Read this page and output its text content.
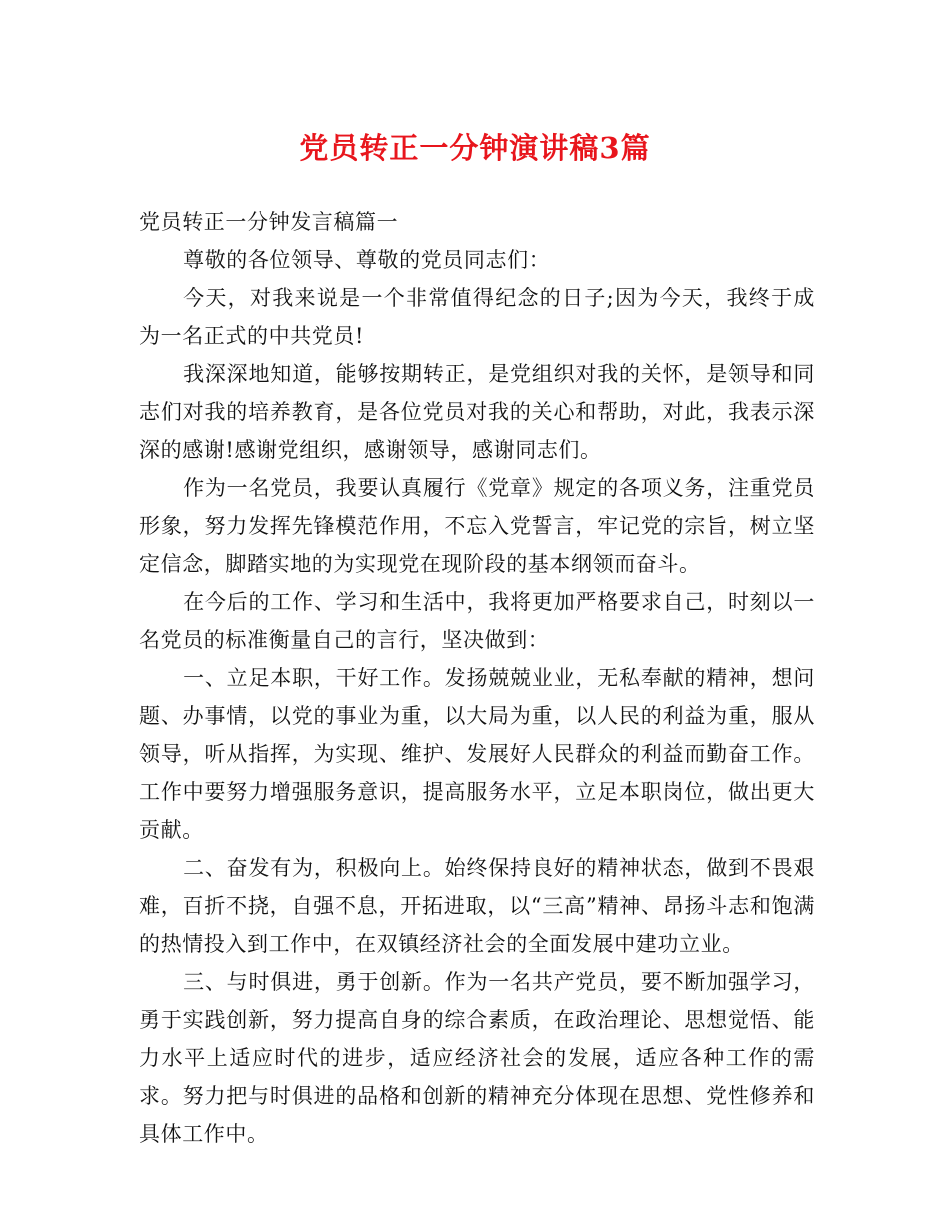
党员转正一分钟演讲稿3篇

党员转正一分钟发言稿篇一

尊敬的各位领导、尊敬的党员同志们：

今天，对我来说是一个非常值得纪念的日子;因为今天，我终于成为一名正式的中共党员!

我深深地知道，能够按期转正，是党组织对我的关怀，是领导和同志们对我的培养教育，是各位党员对我的关心和帮助，对此，我表示深深的感谢!感谢党组织，感谢领导，感谢同志们。

作为一名党员，我要认真履行《党章》规定的各项义务，注重党员形象，努力发挥先锋模范作用，不忘入党誓言，牢记党的宗旨，树立坚定信念，脚踏实地的为实现党在现阶段的基本纲领而奋斗。

在今后的工作、学习和生活中，我将更加严格要求自己，时刻以一名党员的标准衡量自己的言行，坚决做到：

一、立足本职，干好工作。发扬兢兢业业，无私奉献的精神，想问题、办事情，以党的事业为重，以大局为重，以人民的利益为重，服从领导，听从指挥，为实现、维护、发展好人民群众的利益而勤奋工作。工作中要努力增强服务意识，提高服务水平，立足本职岗位，做出更大贡献。

二、奋发有为，积极向上。始终保持良好的精神状态，做到不畏艰难，百折不挠，自强不息，开拓进取，以“三高”精神、昂扬斗志和饱满的热情投入到工作中，在双镇经济社会的全面发展中建功立业。

三、与时俱进，勇于创新。作为一名共产党员，要不断加强学习，勇于实践创新，努力提高自身的综合素质，在政治理论、思想觉悟、能力水平上适应时代的进步，适应经济社会的发展，适应各种工作的需求。努力把与时俱进的品格和创新的精神充分体现在思想、党性修养和具体工作中。
